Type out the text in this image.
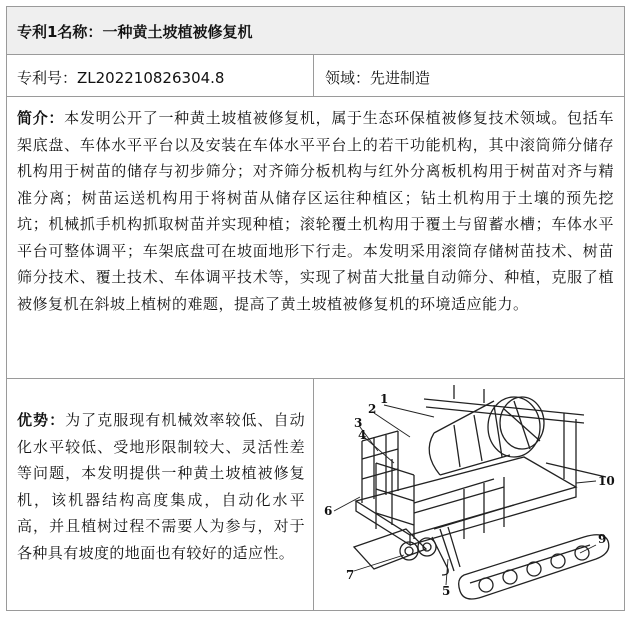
专利1名称：一种黄土坡植被修复机
专利号：ZL202210826304.8	领域：先进制造
简介：本发明公开了一种黄土坡植被修复机，属于生态环保植被修复技术领域。包括车架底盘、车体水平平台以及安装在车体水平平台上的若干功能机构，其中滚筒筛分储存机构用于树苗的储存与初步筛分；对齐筛分板机构与红外分离板机构用于树苗对齐与精准分离；树苗运送机构用于将树苗从储存区运往种植区；钻土机构用于土壤的预先挖坑；机械抓手机构抓取树苗并实现种植；滚轮覆土机构用于覆土与留蓄水槽；车体水平平台可整体调平；车架底盘可在坡面地形下行走。本发明采用滚筒存储树苗技术、树苗筛分技术、覆土技术、车体调平技术等，实现了树苗大批量自动筛分、种植，克服了植被修复机在斜坡上植树的难题，提高了黄土坡植被修复机的环境适应能力。
优势：为了克服现有机械效率较低、自动化水平较低、受地形限制较大、灵活性差等问题，本发明提供一种黄土坡植被修复机，该机器结构高度集成，自动化水平高，并且植树过程不需要人为参与，对于各种具有坡度的地面也有较好的适应性。
1
2
3
4
5
6
7
9
10
